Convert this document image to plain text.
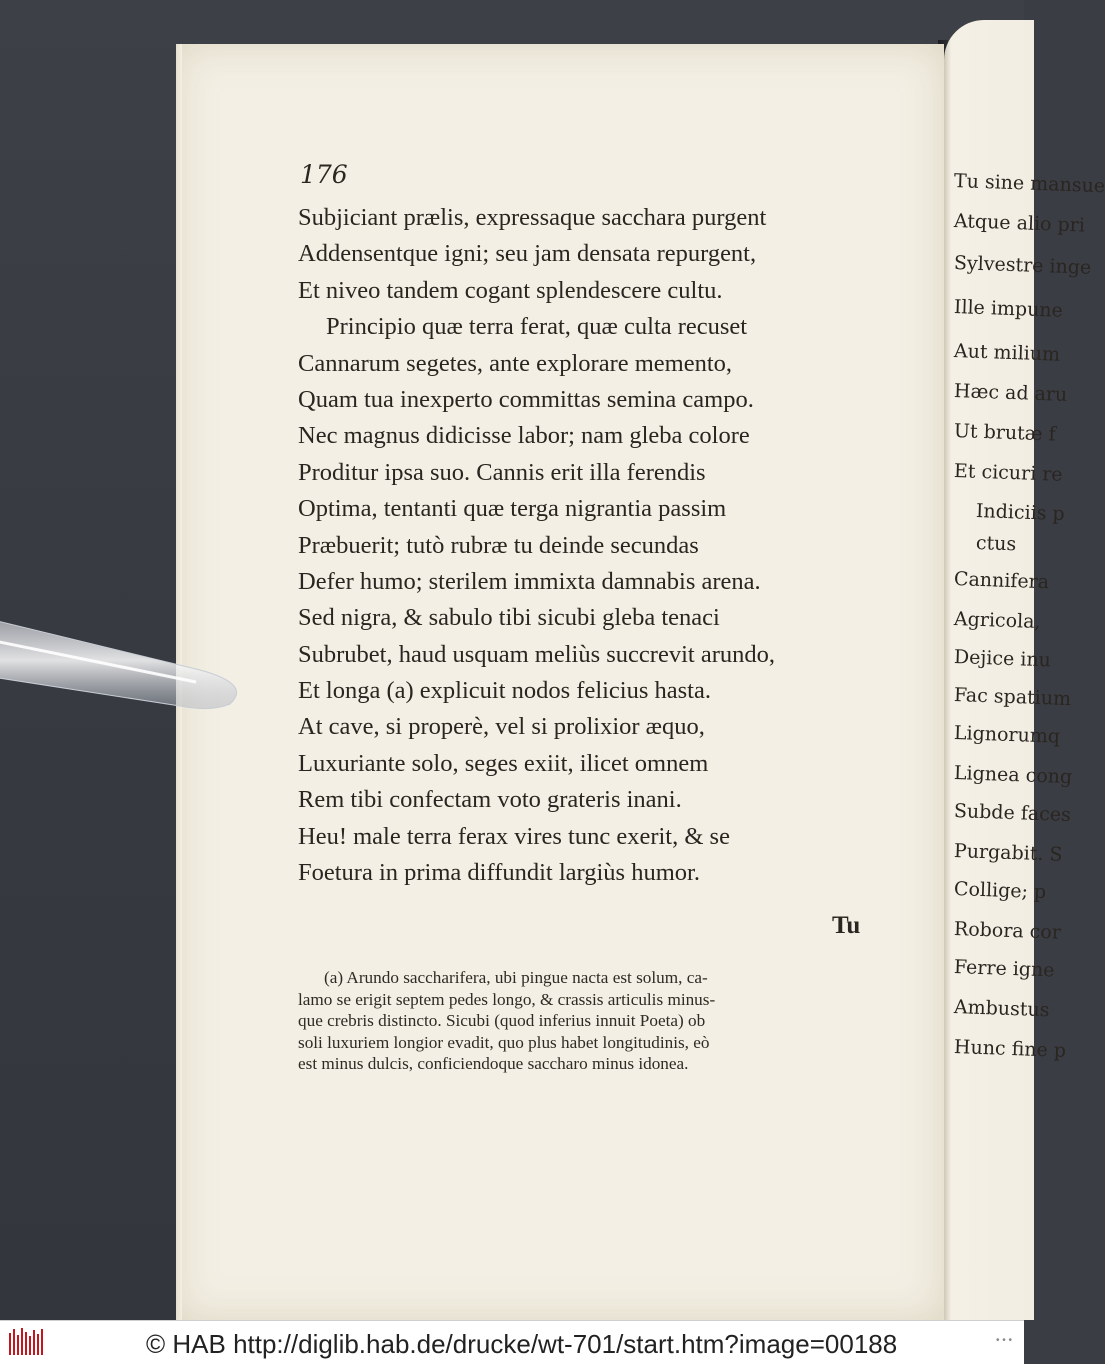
Tu sine mansue
Atque alio pri
Sylvestre inge
Ille impune
Aut milium
Hæc ad aru
Ut brutæ f
Et cicuri re
Indiciis p
ctus
Cannifera
Agricola,
Dejice inu
Fac spatium
Lignorumq
Lignea cong
Subde faces
Purgabit. S
Collige; p
Robora cor
Ferre igne
Ambustus
Hunc fine p
176
Subjiciant prælis, expressaque sacchara purgent
Addensentque igni; seu jam densata repurgent,
Et niveo tandem cogant splendescere cultu.
Principio quæ terra ferat, quæ culta recuset
Cannarum segetes, ante explorare memento,
Quam tua inexperto committas semina campo.
Nec magnus didicisse labor; nam gleba colore
Proditur ipsa suo. Cannis erit illa ferendis
Optima, tentanti quæ terga nigrantia passim
Præbuerit; tutò rubræ tu deinde secundas
Defer humo; sterilem immixta damnabis arena.
Sed nigra, & sabulo tibi sicubi gleba tenaci
Subrubet, haud usquam meliùs succrevit arundo,
Et longa (a) explicuit nodos felicius hasta.
At cave, si properè, vel si prolixior æquo,
Luxuriante solo, seges exiit, ilicet omnem
Rem tibi confectam voto grateris inani.
Heu! male terra ferax vires tunc exerit, & se
Foetura in prima diffundit largiùs humor.
Tu
(a) Arundo saccharifera, ubi pingue nacta est solum, ca-
lamo se erigit septem pedes longo, & crassis articulis minus-
que crebris distincto. Sicubi (quod inferius innuit Poeta) ob
soli luxuriem longior evadit, quo plus habet longitudinis, eò
est minus dulcis, conficiendoque saccharo minus idonea.
© HAB http://diglib.hab.de/drucke/wt-701/start.htm?image=00188	• • •
